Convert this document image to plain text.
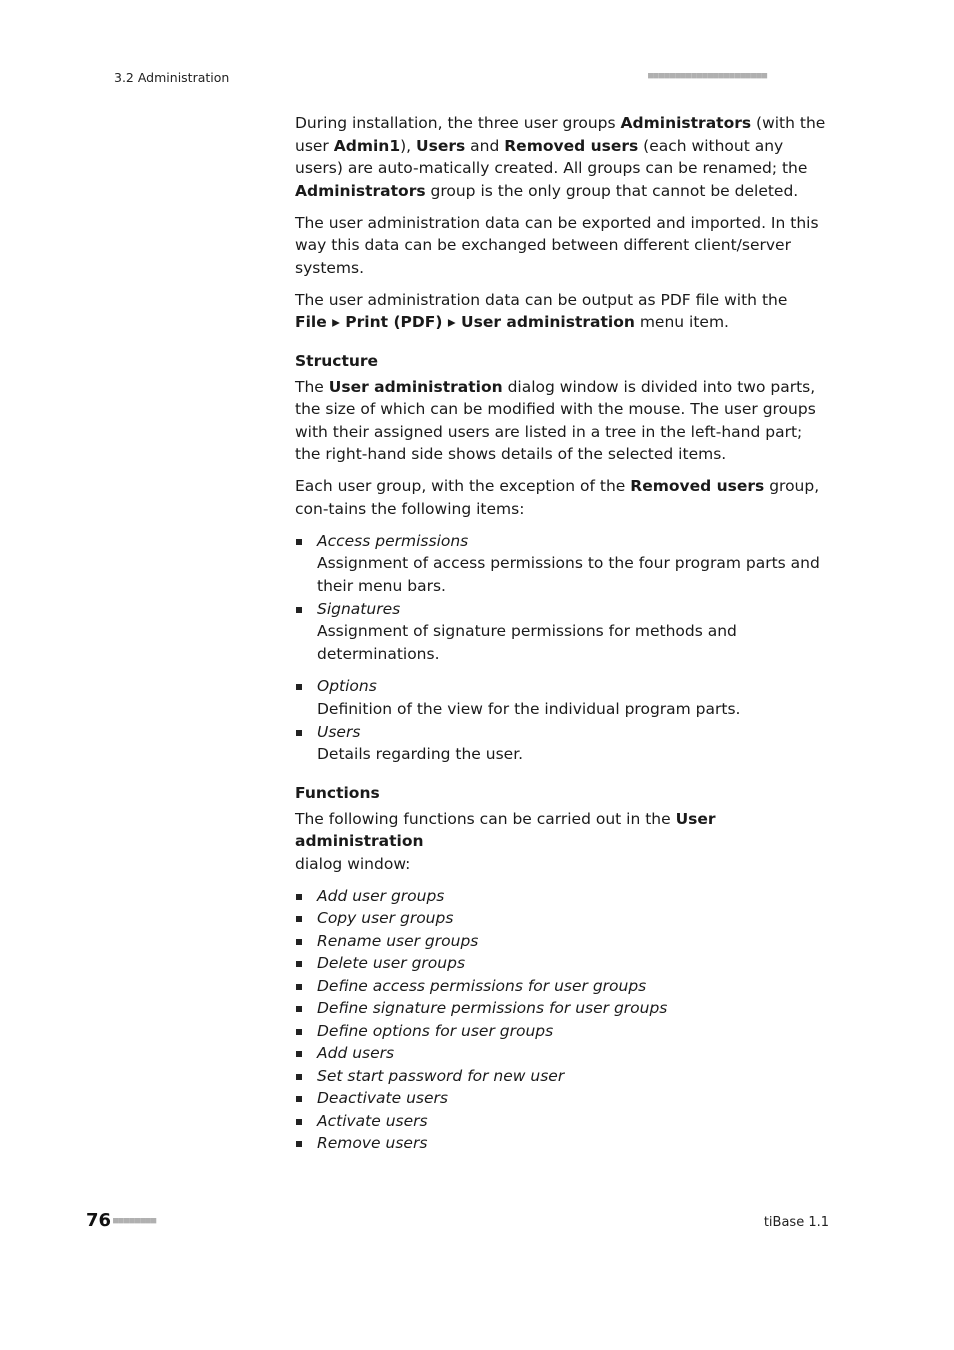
3.2 Administration	■■■■■■■■■■■■■■■■■■■■■■

During installation, the three user groups Administrators (with the user Admin1), Users and Removed users (each without any users) are auto-matically created. All groups can be renamed; the Administrators group is the only group that cannot be deleted.

The user administration data can be exported and imported. In this way this data can be exchanged between different client/server systems.

The user administration data can be output as PDF file with the
File ▸ Print (PDF) ▸ User administration menu item.

Structure

The User administration dialog window is divided into two parts, the size of which can be modified with the mouse. The user groups with their assigned users are listed in a tree in the left-hand part; the right-hand side shows details of the selected items.

Each user group, with the exception of the Removed users group, con-tains the following items:

Access permissions
Assignment of access permissions to the four program parts and their menu bars.
Signatures
Assignment of signature permissions for methods and determinations.
Options
Definition of the view for the individual program parts.
Users
Details regarding the user.
Functions

The following functions can be carried out in the User administration
dialog window:

Add user groups
Copy user groups
Rename user groups
Delete user groups
Define access permissions for user groups
Define signature permissions for user groups
Define options for user groups
Add users
Set start password for new user
Deactivate users
Activate users
Remove users
76 ■■■■■■■■	tiBase 1.1
